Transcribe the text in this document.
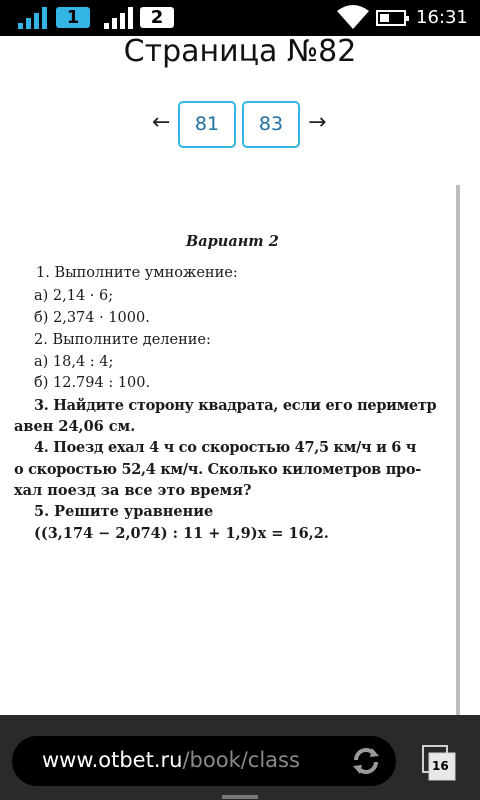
1	2	16:31
Страница №82
←	81	83	→
Вариант 2
1. Выполните умножение:
а) 2,14 · 6;
б) 2,374 · 1000.
2. Выполните деление:
а) 18,4 : 4;
б) 12.794 : 100.
3. Найдите сторону квадрата, если его периметр
авен 24,06 см.
4. Поезд ехал 4 ч со скоростью 47,5 км/ч и 6 ч
о скоростью 52,4 км/ч. Сколько километров про-
хал поезд за все это время?
5. Решите уравнение
((3,174 − 2,074) : 11 + 1,9)x = 16,2.
www.otbet.ru/book/class	16
